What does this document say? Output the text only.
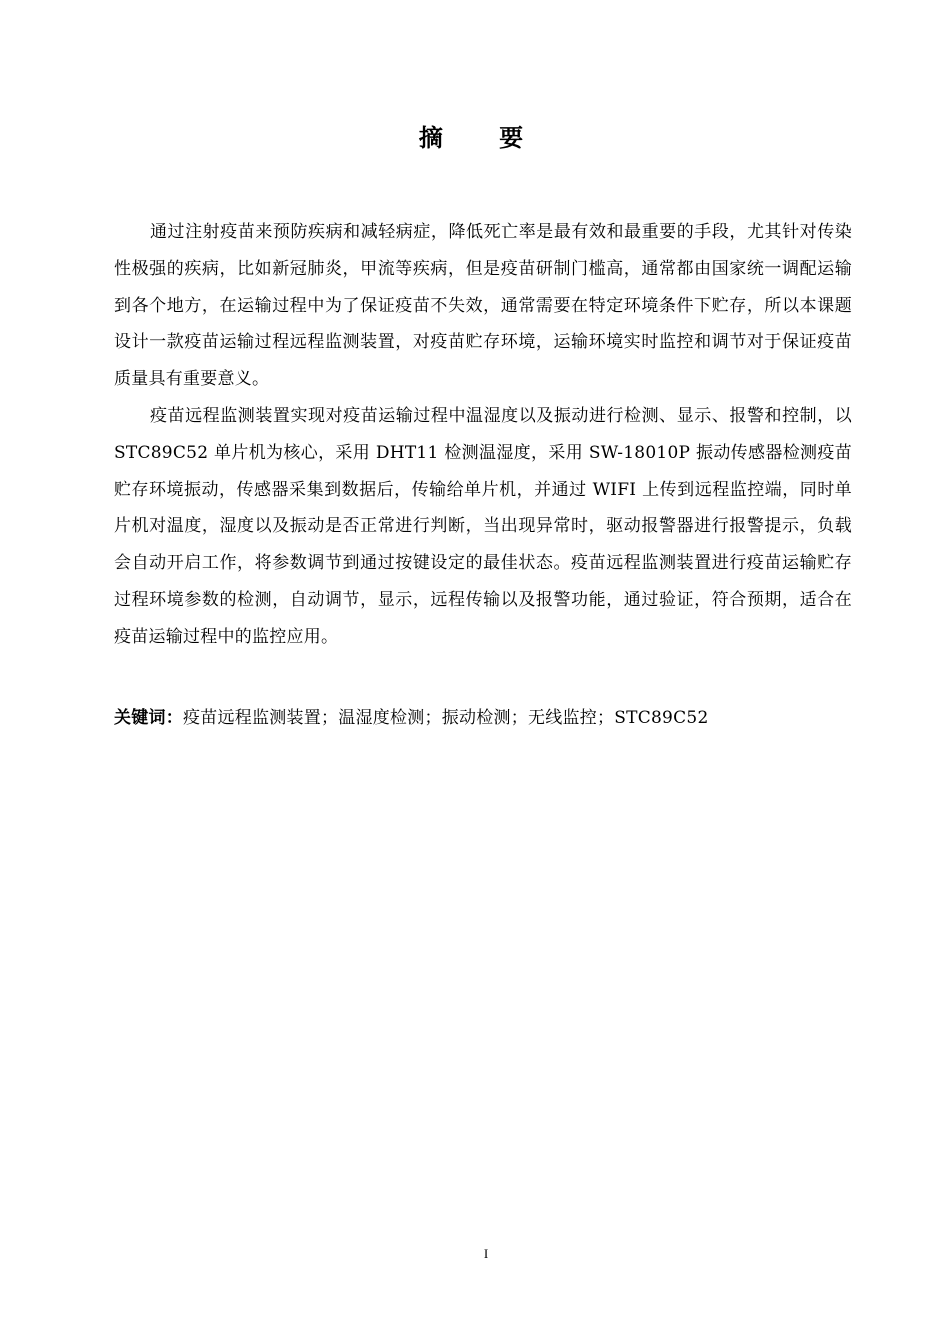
摘 要

通过注射疫苗来预防疾病和减轻病症，降低死亡率是最有效和最重要的手段，尤其针对传染性极强的疾病，比如新冠肺炎，甲流等疾病，但是疫苗研制门槛高，通常都由国家统一调配运输到各个地方，在运输过程中为了保证疫苗不失效，通常需要在特定环境条件下贮存，所以本课题设计一款疫苗运输过程远程监测装置，对疫苗贮存环境，运输环境实时监控和调节对于保证疫苗质量具有重要意义。

疫苗远程监测装置实现对疫苗运输过程中温湿度以及振动进行检测、显示、报警和控制，以 STC89C52 单片机为核心，采用 DHT11 检测温湿度，采用 SW-18010P 振动传感器检测疫苗贮存环境振动，传感器采集到数据后，传输给单片机，并通过 WIFI 上传到远程监控端，同时单片机对温度，湿度以及振动是否正常进行判断，当出现异常时，驱动报警器进行报警提示，负载会自动开启工作，将参数调节到通过按键设定的最佳状态。疫苗远程监测装置进行疫苗运输贮存过程环境参数的检测，自动调节，显示，远程传输以及报警功能，通过验证，符合预期，适合在疫苗运输过程中的监控应用。

关键词：疫苗远程监测装置；温湿度检测；振动检测；无线监控；STC89C52
I
